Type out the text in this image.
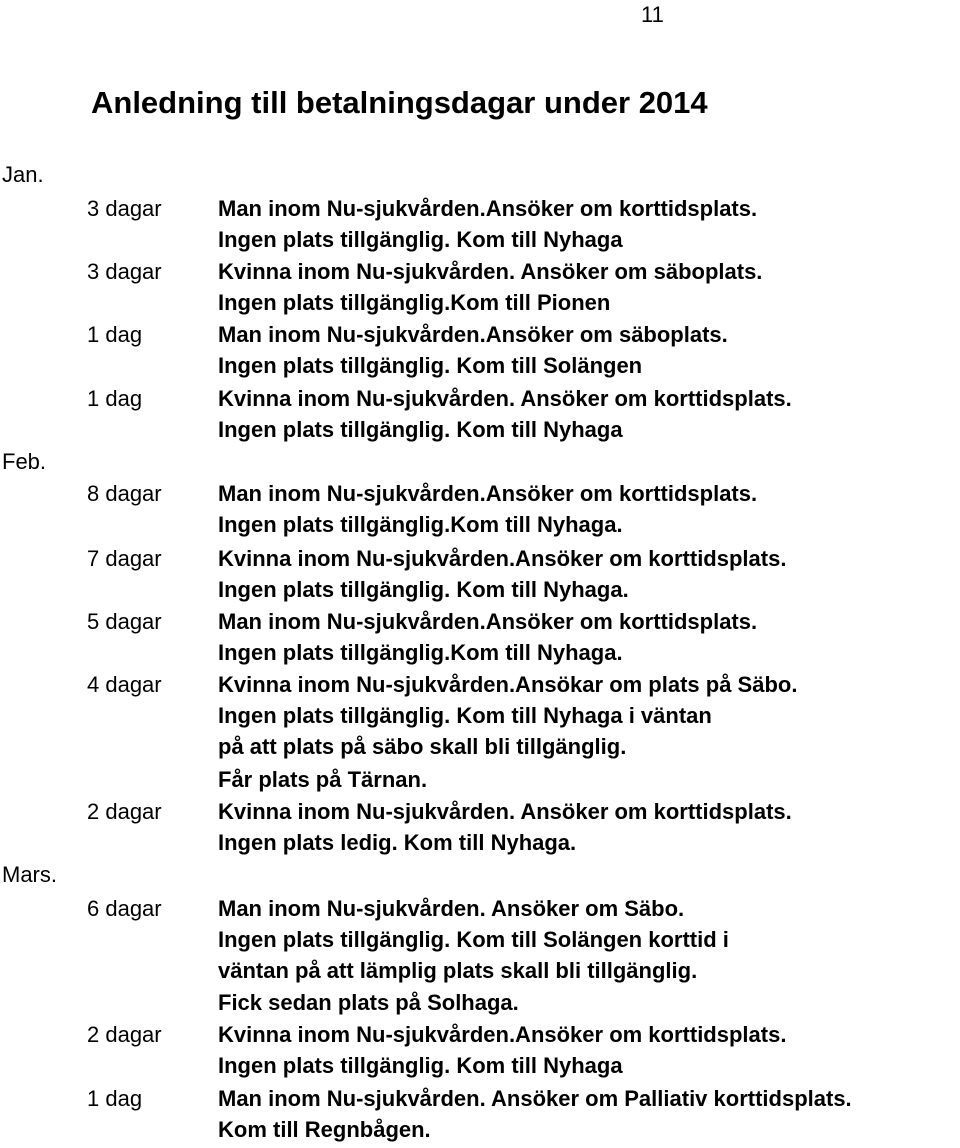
11
Anledning till betalningsdagar under 2014
Jan.
3 dagar	Man inom Nu-sjukvården.Ansöker om korttidsplats.
Ingen plats tillgänglig. Kom till Nyhaga
3 dagar	Kvinna inom Nu-sjukvården. Ansöker om säboplats.
Ingen plats tillgänglig.Kom till Pionen
1 dag	Man inom Nu-sjukvården.Ansöker om säboplats.
Ingen plats tillgänglig. Kom till Solängen
1 dag	Kvinna inom Nu-sjukvården. Ansöker om korttidsplats.
Ingen plats tillgänglig. Kom till Nyhaga
Feb.
8 dagar	Man inom Nu-sjukvården.Ansöker om korttidsplats.
Ingen plats tillgänglig.Kom till Nyhaga.
7 dagar	Kvinna inom Nu-sjukvården.Ansöker om korttidsplats.
Ingen plats tillgänglig. Kom till Nyhaga.
5 dagar	Man inom Nu-sjukvården.Ansöker om korttidsplats.
Ingen plats tillgänglig.Kom till Nyhaga.
4 dagar	Kvinna inom Nu-sjukvården.Ansökar om plats på Säbo.
Ingen plats tillgänglig. Kom till Nyhaga i väntan
på att plats på säbo skall bli tillgänglig.
Får plats på Tärnan.
2 dagar	Kvinna inom Nu-sjukvården. Ansöker om korttidsplats.
Ingen plats ledig. Kom till Nyhaga.
Mars.
6 dagar	Man inom Nu-sjukvården. Ansöker om Säbo.
Ingen plats tillgänglig. Kom till Solängen korttid i
väntan på att lämplig plats skall bli tillgänglig.
Fick sedan plats på Solhaga.
2 dagar	Kvinna inom Nu-sjukvården.Ansöker om korttidsplats.
Ingen plats tillgänglig. Kom till Nyhaga
1 dag	Man inom Nu-sjukvården. Ansöker om Palliativ korttidsplats.
Kom till Regnbågen.
